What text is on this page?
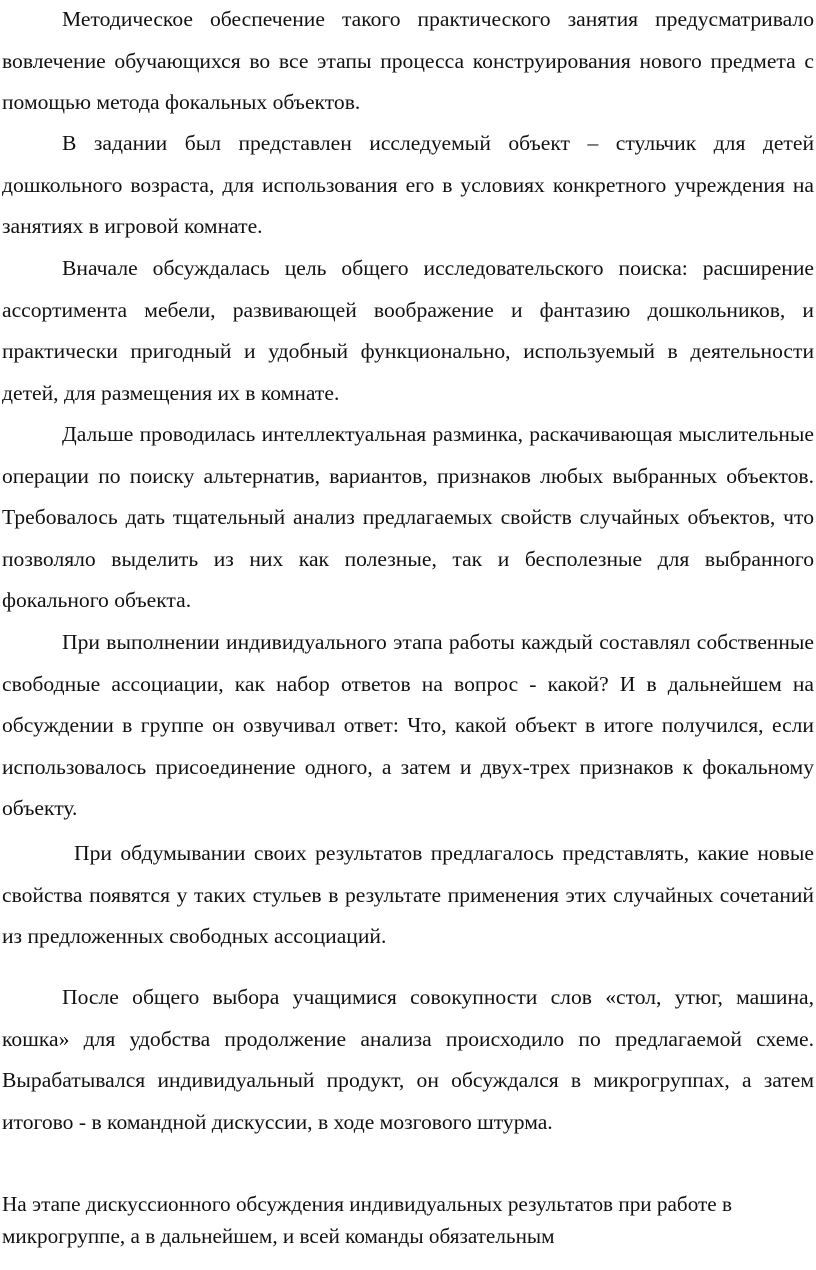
Методическое обеспечение такого практического занятия предусматривало вовлечение обучающихся во все этапы процесса конструирования нового предмета с помощью метода фокальных объектов.

В задании был представлен исследуемый объект – стульчик для детей дошкольного возраста, для использования его в условиях конкретного учреждения на занятиях в игровой комнате.

Вначале обсуждалась цель общего исследовательского поиска: расширение ассортимента мебели, развивающей воображение и фантазию дошкольников, и практически пригодный и удобный функционально, используемый в деятельности детей, для размещения их в комнате.

Дальше проводилась интеллектуальная разминка, раскачивающая мыслительные операции по поиску альтернатив, вариантов, признаков любых выбранных объектов. Требовалось дать тщательный анализ предлагаемых свойств случайных объектов, что позволяло выделить из них как полезные, так и бесполезные для выбранного фокального объекта.

При выполнении индивидуального этапа работы каждый составлял собственные свободные ассоциации, как набор ответов на вопрос - какой? И в дальнейшем на обсуждении в группе он озвучивал ответ: Что, какой объект в итоге получился, если использовалось присоединение одного, а затем и двух-трех признаков к фокальному объекту.

При обдумывании своих результатов предлагалось представлять, какие новые свойства появятся у таких стульев в результате применения этих случайных сочетаний из предложенных свободных ассоциаций.

После общего выбора учащимися совокупности слов «стол, утюг, машина, кошка» для удобства продолжение анализа происходило по предлагаемой схеме. Вырабатывался индивидуальный продукт, он обсуждался в микрогруппах, а затем итогово - в командной дискуссии, в ходе мозгового штурма.

На этапе дискуссионного обсуждения индивидуальных результатов при работе в микрогруппе, а в дальнейшем, и всей команды обязательным
